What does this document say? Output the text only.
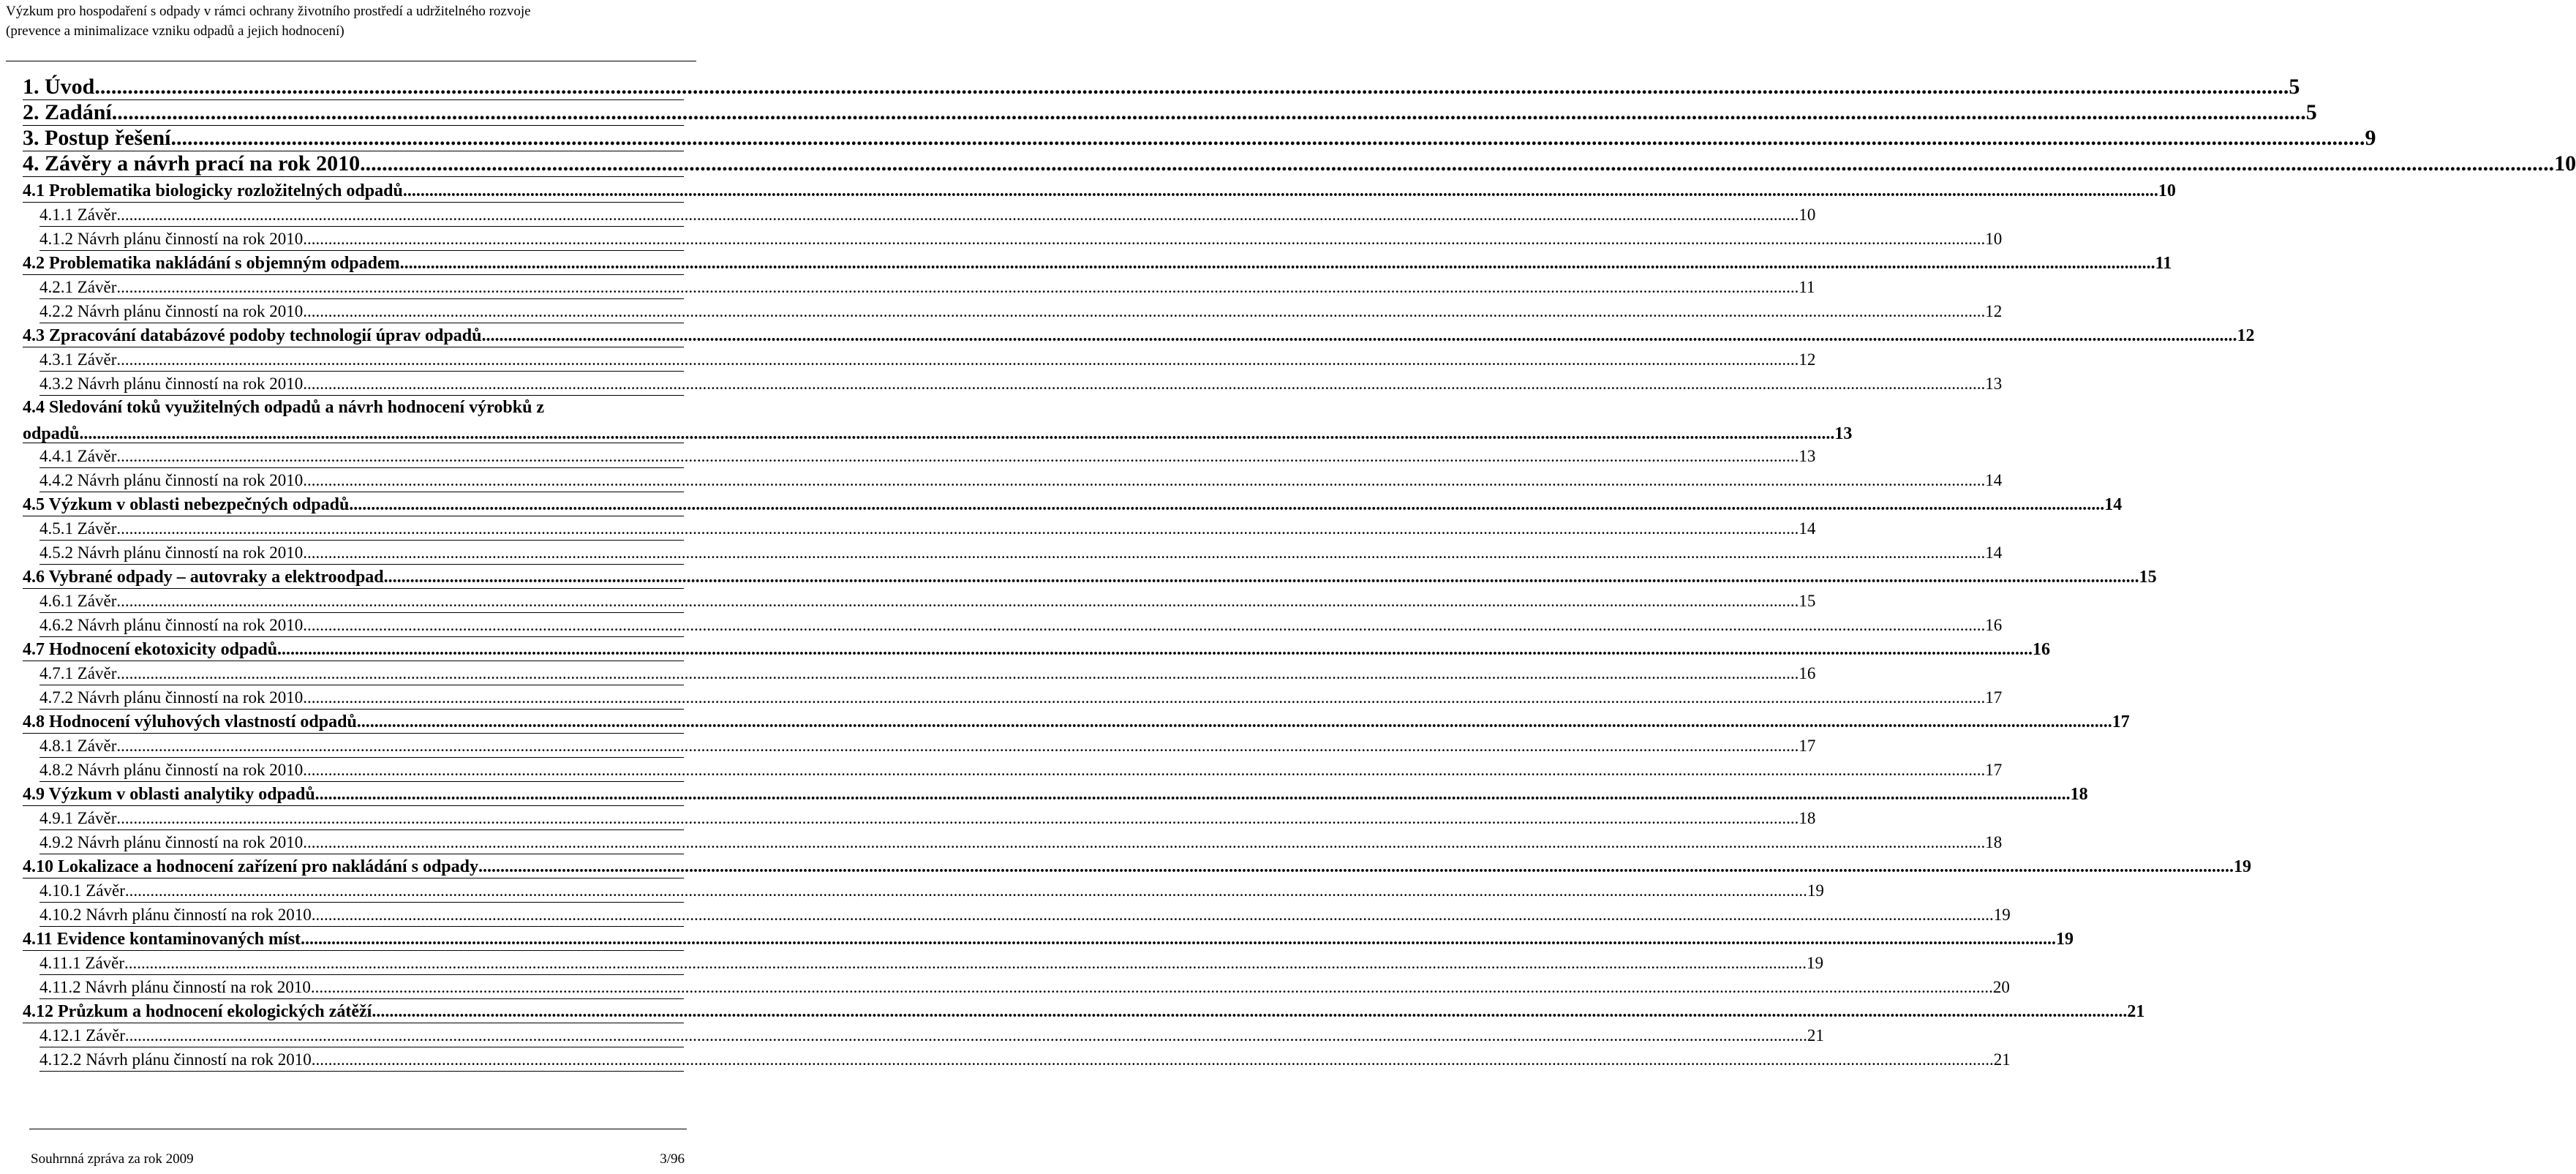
Výzkum pro hospodaření s odpady v rámci ochrany životního prostředí a udržitelného rozvoje
(prevence a minimalizace vzniku odpadů a jejich hodnocení)
1. Úvod ................................................................................................................................................................................................................................................................................................................................................................................................................ 5
2. Zadání ................................................................................................................................................................................................................................................................................................................................................................................................................ 5
3. Postup řešení ................................................................................................................................................................................................................................................................................................................................................................................................................ 9
4. Závěry a návrh prací na rok 2010 ................................................................................................................................................................................................................................................................................................................................................................................................................ 10
4.1 Problematika biologicky rozložitelných odpadů ................................................................................................................................................................................................................................................................................................................................................................................................................ 10
4.1.1 Závěr ................................................................................................................................................................................................................................................................................................................................................................................................................ 10
4.1.2 Návrh plánu činností na rok 2010 ................................................................................................................................................................................................................................................................................................................................................................................................................ 10
4.2 Problematika nakládání s objemným odpadem ................................................................................................................................................................................................................................................................................................................................................................................................................ 11
4.2.1 Závěr ................................................................................................................................................................................................................................................................................................................................................................................................................ 11
4.2.2 Návrh plánu činností na rok 2010 ................................................................................................................................................................................................................................................................................................................................................................................................................ 12
4.3 Zpracování databázové podoby technologií úprav odpadů ................................................................................................................................................................................................................................................................................................................................................................................................................ 12
4.3.1 Závěr ................................................................................................................................................................................................................................................................................................................................................................................................................ 12
4.3.2 Návrh plánu činností na rok 2010 ................................................................................................................................................................................................................................................................................................................................................................................................................ 13
4.4 Sledování toků využitelných odpadů a návrh hodnocení výrobků z
odpadů ................................................................................................................................................................................................................................................................................................................................................................................................................ 13
4.4.1 Závěr ................................................................................................................................................................................................................................................................................................................................................................................................................ 13
4.4.2 Návrh plánu činností na rok 2010 ................................................................................................................................................................................................................................................................................................................................................................................................................ 14
4.5 Výzkum v oblasti nebezpečných odpadů ................................................................................................................................................................................................................................................................................................................................................................................................................ 14
4.5.1 Závěr ................................................................................................................................................................................................................................................................................................................................................................................................................ 14
4.5.2 Návrh plánu činností na rok 2010 ................................................................................................................................................................................................................................................................................................................................................................................................................ 14
4.6 Vybrané odpady – autovraky a elektroodpad ................................................................................................................................................................................................................................................................................................................................................................................................................ 15
4.6.1 Závěr ................................................................................................................................................................................................................................................................................................................................................................................................................ 15
4.6.2 Návrh plánu činností na rok 2010 ................................................................................................................................................................................................................................................................................................................................................................................................................ 16
4.7 Hodnocení ekotoxicity odpadů ................................................................................................................................................................................................................................................................................................................................................................................................................ 16
4.7.1 Závěr ................................................................................................................................................................................................................................................................................................................................................................................................................ 16
4.7.2 Návrh plánu činností na rok 2010 ................................................................................................................................................................................................................................................................................................................................................................................................................ 17
4.8 Hodnocení výluhových vlastností odpadů ................................................................................................................................................................................................................................................................................................................................................................................................................ 17
4.8.1 Závěr ................................................................................................................................................................................................................................................................................................................................................................................................................ 17
4.8.2 Návrh plánu činností na rok 2010 ................................................................................................................................................................................................................................................................................................................................................................................................................ 17
4.9 Výzkum v oblasti analytiky odpadů ................................................................................................................................................................................................................................................................................................................................................................................................................ 18
4.9.1 Závěr ................................................................................................................................................................................................................................................................................................................................................................................................................ 18
4.9.2 Návrh plánu činností na rok 2010 ................................................................................................................................................................................................................................................................................................................................................................................................................ 18
4.10 Lokalizace a hodnocení zařízení pro nakládání s odpady ................................................................................................................................................................................................................................................................................................................................................................................................................ 19
4.10.1 Závěr ................................................................................................................................................................................................................................................................................................................................................................................................................ 19
4.10.2 Návrh plánu činností na rok 2010 ................................................................................................................................................................................................................................................................................................................................................................................................................ 19
4.11 Evidence kontaminovaných míst ................................................................................................................................................................................................................................................................................................................................................................................................................ 19
4.11.1 Závěr ................................................................................................................................................................................................................................................................................................................................................................................................................ 19
4.11.2 Návrh plánu činností na rok 2010 ................................................................................................................................................................................................................................................................................................................................................................................................................ 20
4.12 Průzkum a hodnocení ekologických zátěží ................................................................................................................................................................................................................................................................................................................................................................................................................ 21
4.12.1 Závěr ................................................................................................................................................................................................................................................................................................................................................................................................................ 21
4.12.2 Návrh plánu činností na rok 2010 ................................................................................................................................................................................................................................................................................................................................................................................................................ 21
Souhrnná zpráva za rok 2009	3/96
